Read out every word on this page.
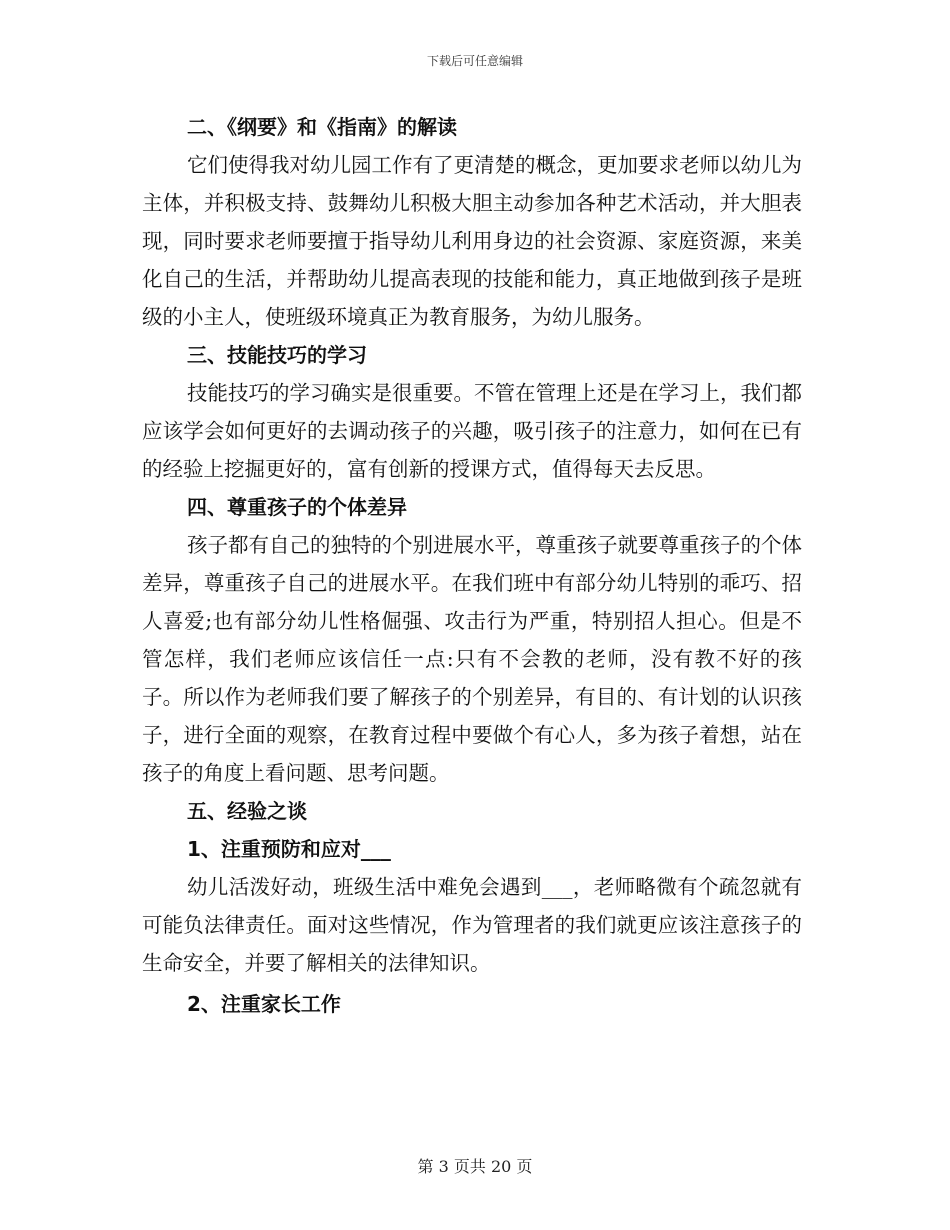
下载后可任意编辑

二、《纲要》和《指南》的解读

它们使得我对幼儿园工作有了更清楚的概念，更加要求老师以幼儿为主体，并积极支持、鼓舞幼儿积极大胆主动参加各种艺术活动，并大胆表现，同时要求老师要擅于指导幼儿利用身边的社会资源、家庭资源，来美化自己的生活，并帮助幼儿提高表现的技能和能力，真正地做到孩子是班级的小主人，使班级环境真正为教育服务，为幼儿服务。

三、技能技巧的学习

技能技巧的学习确实是很重要。不管在管理上还是在学习上，我们都应该学会如何更好的去调动孩子的兴趣，吸引孩子的注意力，如何在已有的经验上挖掘更好的，富有创新的授课方式，值得每天去反思。

四、尊重孩子的个体差异

孩子都有自己的独特的个别进展水平，尊重孩子就要尊重孩子的个体差异，尊重孩子自己的进展水平。在我们班中有部分幼儿特别的乖巧、招人喜爱;也有部分幼儿性格倔强、攻击行为严重，特别招人担心。但是不管怎样，我们老师应该信任一点:只有不会教的老师，没有教不好的孩子。所以作为老师我们要了解孩子的个别差异，有目的、有计划的认识孩子，进行全面的观察，在教育过程中要做个有心人，多为孩子着想，站在孩子的角度上看问题、思考问题。

五、经验之谈

1、注重预防和应对___

幼儿活泼好动，班级生活中难免会遇到___，老师略微有个疏忽就有可能负法律责任。面对这些情况，作为管理者的我们就更应该注意孩子的生命安全，并要了解相关的法律知识。

2、注重家长工作

第 3 页共 20 页
